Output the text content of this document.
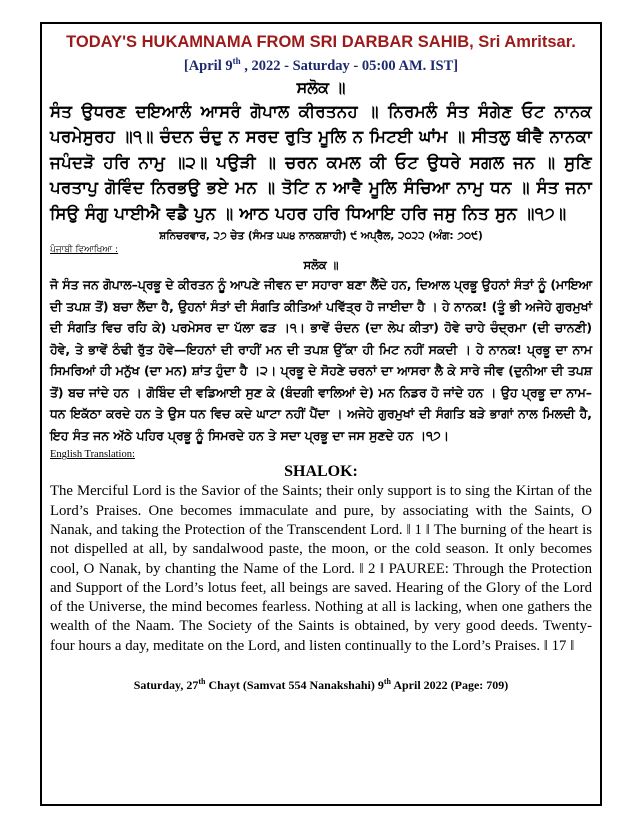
TODAY'S HUKAMNAMA FROM SRI DARBAR SAHIB, Sri Amritsar.
[April 9th , 2022 - Saturday - 05:00 AM. IST]
ਸਲੋਕ ॥
ਸੰਤ ਉਧਰਣ ਦਇਆਲੰ ਆਸਰੰ ਗੋਪਾਲ ਕੀਰਤਨਹ ॥ ਨਿਰਮਲੰ ਸੰਤ ਸੰਗੇਣ ਓਟ ਨਾਨਕ ਪਰਮੇਸੁਰਹ ॥੧॥ ਚੰਦਨ ਚੰਦੁ ਨ ਸਰਦ ਰੁਤਿ ਮੂਲਿ ਨ ਮਿਟਈ ਘਾਂਮ ॥ ਸੀਤਲੁ ਥੀਵੈ ਨਾਨਕਾ ਜਪੰਦੜੋ ਹਰਿ ਨਾਮੁ ॥੨॥ ਪਉੜੀ ॥ ਚਰਨ ਕਮਲ ਕੀ ਓਟ ਉਧਰੇ ਸਗਲ ਜਨ ॥ ਸੁਣਿ ਪਰਤਾਪੁ ਗੋਵਿੰਦ ਨਿਰਭਉ ਭਏ ਮਨ ॥ ਤੋਟਿ ਨ ਆਵੈ ਮੂਲਿ ਸੰਚਿਆ ਨਾਮੁ ਧਨ ॥ ਸੰਤ ਜਨਾ ਸਿਉ ਸੰਗੁ ਪਾਈਐ ਵਡੈ ਪੁਨ ॥ ਆਠ ਪਹਰ ਹਰਿ ਧਿਆਇ ਹਰਿ ਜਸੁ ਨਿਤ ਸੁਨ ॥੧੭॥
ਸ਼ਨਿਚਰਵਾਰ, ੨੭ ਚੇਤ (ਸੰਮਤ ੫੫੪ ਨਾਨਕਸ਼ਾਹੀ) ੯ ਅਪ੍ਰੈਲ, ੨੦੨੨ (ਅੰਗ: ੭੦੯)
ਪੰਜਾਬੀ ਵਿਆਖਿਆ :
ਸਲੋਕ ॥
ਜੋ ਸੰਤ ਜਨ ਗੋਪਾਲ–ਪ੍ਰਭੂ ਦੇ ਕੀਰਤਨ ਨੂੰ ਆਪਣੇ ਜੀਵਨ ਦਾ ਸਹਾਰਾ ਬਣਾ ਲੈਂਦੇ ਹਨ, ਦਿਆਲ ਪ੍ਰਭੂ ਉਹਨਾਂ ਸੰਤਾਂ ਨੂੰ (ਮਾਇਆ ਦੀ ਤਪਸ਼ ਤੋਂ) ਬਚਾ ਲੈਂਦਾ ਹੈ, ਉਹਨਾਂ ਸੰਤਾਂ ਦੀ ਸੰਗਤਿ ਕੀਤਿਆਂ ਪਵਿੱਤ੍ਰ ਹੋ ਜਾਈਦਾ ਹੈ । ਹੇ ਨਾਨਕ! (ਤੂੰ ਭੀ ਅਜੇਹੇ ਗੁਰਮੁਖਾਂ ਦੀ ਸੰਗਤਿ ਵਿਚ ਰਹਿ ਕੇ) ਪਰਮੇਸਰ ਦਾ ਪੱਲਾ ਫੜ ।੧। ਭਾਵੇਂ ਚੰਦਨ (ਦਾ ਲੇਪ ਕੀਤਾ) ਹੋਵੇ ਚਾਹੇ ਚੰਦ੍ਰਮਾ (ਦੀ ਚਾਨਣੀ) ਹੋਵੇ, ਤੇ ਭਾਵੇਂ ਠੰਢੀ ਰੁੱਤ ਹੋਵੇ—ਇਹਨਾਂ ਦੀ ਰਾਹੀਂ ਮਨ ਦੀ ਤਪਸ਼ ਉੱਕਾ ਹੀ ਮਿਟ ਨਹੀਂ ਸਕਦੀ । ਹੇ ਨਾਨਕ! ਪ੍ਰਭੂ ਦਾ ਨਾਮ ਸਿਮਰਿਆਂ ਹੀ ਮਨੁੱਖ (ਦਾ ਮਨ) ਸ਼ਾਂਤ ਹੁੰਦਾ ਹੈ ।੨। ਪ੍ਰਭੂ ਦੇ ਸੋਹਣੇ ਚਰਨਾਂ ਦਾ ਆਸਰਾ ਲੈ ਕੇ ਸਾਰੇ ਜੀਵ (ਦੁਨੀਆ ਦੀ ਤਪਸ਼ ਤੋਂ) ਬਚ ਜਾਂਦੇ ਹਨ । ਗੋਬਿੰਦ ਦੀ ਵਡਿਆਈ ਸੁਣ ਕੇ (ਬੰਦਗੀ ਵਾਲਿਆਂ ਦੇ) ਮਨ ਨਿਡਰ ਹੋ ਜਾਂਦੇ ਹਨ । ਉਹ ਪ੍ਰਭੂ ਦਾ ਨਾਮ–ਧਨ ਇਕੱਠਾ ਕਰਦੇ ਹਨ ਤੇ ਉਸ ਧਨ ਵਿਚ ਕਦੇ ਘਾਟਾ ਨਹੀਂ ਪੈਂਦਾ । ਅਜੇਹੇ ਗੁਰਮੁਖਾਂ ਦੀ ਸੰਗਤਿ ਬੜੇ ਭਾਗਾਂ ਨਾਲ ਮਿਲਦੀ ਹੈ, ਇਹ ਸੰਤ ਜਨ ਅੱਠੇ ਪਹਿਰ ਪ੍ਰਭੂ ਨੂੰ ਸਿਮਰਦੇ ਹਨ ਤੇ ਸਦਾ ਪ੍ਰਭੂ ਦਾ ਜਸ ਸੁਣਦੇ ਹਨ ।੧੭।
English Translation:
SHALOK:
The Merciful Lord is the Savior of the Saints; their only support is to sing the Kirtan of the Lord’s Praises. One becomes immaculate and pure, by associating with the Saints, O Nanak, and taking the Protection of the Transcendent Lord. ‖ 1 ‖ The burning of the heart is not dispelled at all, by sandalwood paste, the moon, or the cold season. It only becomes cool, O Nanak, by chanting the Name of the Lord. ‖ 2 ‖ PAUREE: Through the Protection and Support of the Lord’s lotus feet, all beings are saved. Hearing of the Glory of the Lord of the Universe, the mind becomes fearless. Nothing at all is lacking, when one gathers the wealth of the Naam. The Society of the Saints is obtained, by very good deeds. Twenty-four hours a day, meditate on the Lord, and listen continually to the Lord’s Praises. ‖ 17 ‖
Saturday, 27th Chayt (Samvat 554 Nanakshahi) 9th April 2022 (Page: 709)
